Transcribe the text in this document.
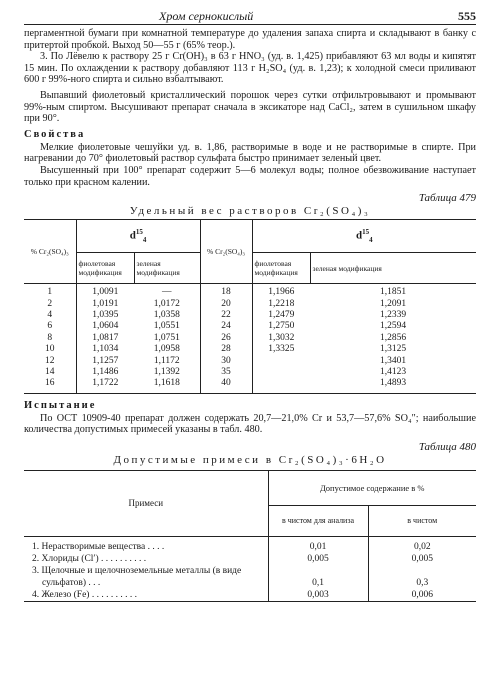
Хром сернокислый	555

пергаментной бумаги при комнатной температуре до удаления запаха спирта и складывают в банку с притертой пробкой. Выход 50—55 г (65% теор.).

3. По Лёвелю к раствору 25 г Cr(OH)₃ в 63 г HNO₃ (уд. в. 1,425) прибавляют 63 мл воды и кипятят 15 мин. По охлаждении к раствору добавляют 113 г H₂SO₄ (уд. в. 1,23); к холодной смеси приливают 600 г 99%-ного спирта и сильно взбалтывают.

Выпавший фиолетовый кристаллический порошок через сутки отфильтровывают и промывают 99%-ным спиртом. Высушивают препарат сначала в эксикаторе над CaCl₂, затем в сушильном шкафу при 90°.

Свойства

Мелкие фиолетовые чешуйки уд. в. 1,86, растворимые в воде и не растворимые в спирте. При нагревании до 70° фиолетовый раствор сульфата быстро принимает зеленый цвет.

Высушенный при 100° препарат содержит 5—6 молекул воды; полное обезвоживание наступает только при красном калении.

Таблица 479
Удельный вес растворов Cr₂(SO₄)₃
% Cr₂(SO₄)₃	$d^{15}_4$		% Cr₂(SO₄)₃	$d^{15}_4$
	фиолетовая модификация	зеленая модификация		фиолетовая модификация	зеленая модификация
1	1,0091	—	18	1,1966	1,1851
2	1,0191	1,0172	20	1,2218	1,2091
4	1,0395	1,0358	22	1,2479	1,2339
6	1,0604	1,0551	24	1,2750	1,2594
8	1,0817	1,0751	26	1,3032	1,2856
10	1,1034	1,0958	28	1,3325	1,3125
12	1,1257	1,1172	30		1,3401
14	1,1486	1,1392	35		1,4123
16	1,1722	1,1618	40		1,4893
Испытание

По ОСТ 10909-40 препарат должен содержать 20,7—21,0% Cr и 53,7—57,6% SO₄″; наибольшие количества допустимых примесей указаны в табл. 480.

Таблица 480
Допустимые примеси в Cr₂(SO₄)₃·6H₂O
Примеси	Допустимое содержание в %	
	в чистом для анализа	в чистом
1. Нерастворимые вещества . . . .	0,01	0,02
2. Хлориды (Cl′) . . . . . . . . . .	0,005	0,005
3. Щелочные и щелочноземельные металлы (в виде сульфатов) . . .	0,1	0,3
4. Железо (Fe) . . . . . . . . . .	0,003	0,006
